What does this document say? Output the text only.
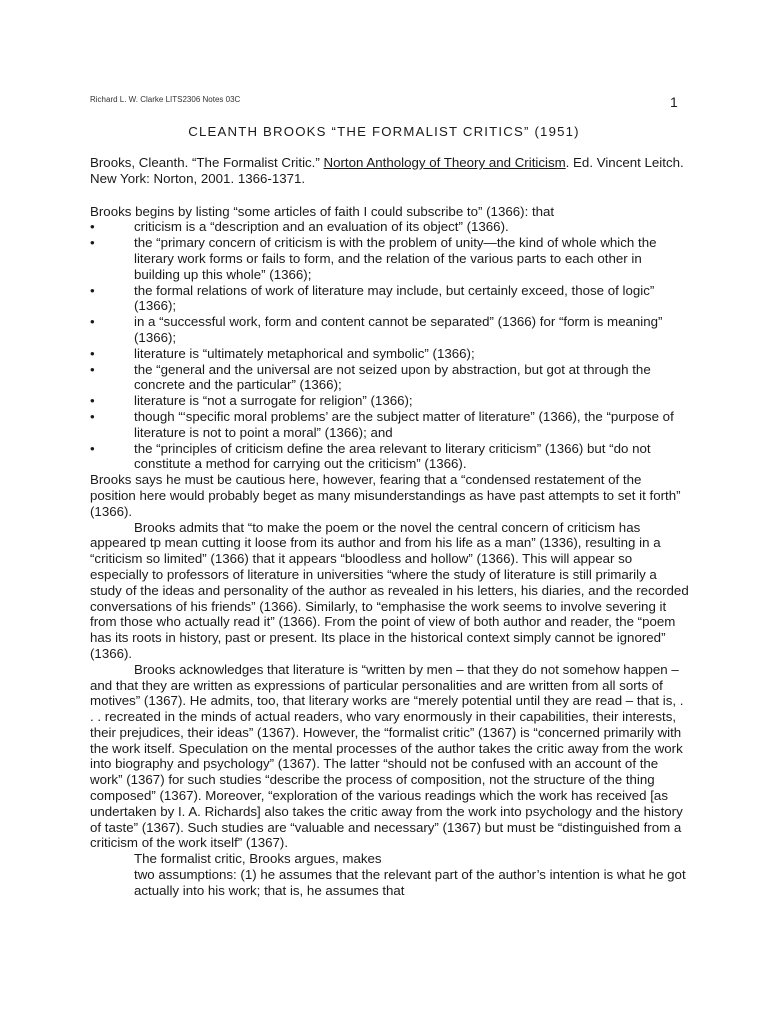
Richard L. W. Clarke LITS2306 Notes 03C	1
CLEANTH BROOKS “THE FORMALIST CRITICS” (1951)

Brooks, Cleanth. “The Formalist Critic.” Norton Anthology of Theory and Criticism. Ed. Vincent Leitch. New York: Norton, 2001. 1366-1371.

Brooks begins by listing “some articles of faith I could subscribe to” (1366): that

•	criticism is a “description and an evaluation of its object” (1366).
•	the “primary concern of criticism is with the problem of unity—the kind of whole which the literary work forms or fails to form, and the relation of the various parts to each other in building up this whole” (1366);
•	the formal relations of work of literature may include, but certainly exceed, those of logic” (1366);
•	in a “successful work, form and content cannot be separated” (1366) for “form is meaning” (1366);
•	literature is “ultimately metaphorical and symbolic” (1366);
•	the “general and the universal are not seized upon by abstraction, but got at through the concrete and the particular” (1366);
•	literature is “not a surrogate for religion” (1366);
•	though “‘specific moral problems’ are the subject matter of literature” (1366), the “purpose of literature is not to point a moral” (1366); and
•	the “principles of criticism define the area relevant to literary criticism” (1366) but “do not constitute a method for carrying out the criticism” (1366).

Brooks says he must be cautious here, however, fearing that a “condensed restatement of the position here would probably beget as many misunderstandings as have past attempts to set it forth” (1366).

Brooks admits that “to make the poem or the novel the central concern of criticism has appeared tp mean cutting it loose from its author and from his life as a man” (1336), resulting in a “criticism so limited” (1366) that it appears “bloodless and hollow” (1366). This will appear so especially to professors of literature in universities “where the study of literature is still primarily a study of the ideas and personality of the author as revealed in his letters, his diaries, and the recorded conversations of his friends” (1366). Similarly, to “emphasise the work seems to involve severing it from those who actually read it” (1366). From the point of view of both author and reader, the “poem has its roots in history, past or present. Its place in the historical context simply cannot be ignored” (1366).

Brooks acknowledges that literature is “written by men – that they do not somehow happen – and that they are written as expressions of particular personalities and are written from all sorts of motives” (1367). He admits, too, that literary works are “merely potential until they are read – that is, . . . recreated in the minds of actual readers, who vary enormously in their capabilities, their interests, their prejudices, their ideas” (1367). However, the “formalist critic” (1367) is “concerned primarily with the work itself. Speculation on the mental processes of the author takes the critic away from the work into biography and psychology” (1367). The latter “should not be confused with an account of the work” (1367) for such studies “describe the process of composition, not the structure of the thing composed” (1367). Moreover, “exploration of the various readings which the work has received [as undertaken by I. A. Richards] also takes the critic away from the work into psychology and the history of taste” (1367). Such studies are “valuable and necessary” (1367) but must be “distinguished from a criticism of the work itself” (1367).

The formalist critic, Brooks argues, makes

two assumptions: (1) he assumes that the relevant part of the author’s intention is what he got actually into his work; that is, he assumes that
